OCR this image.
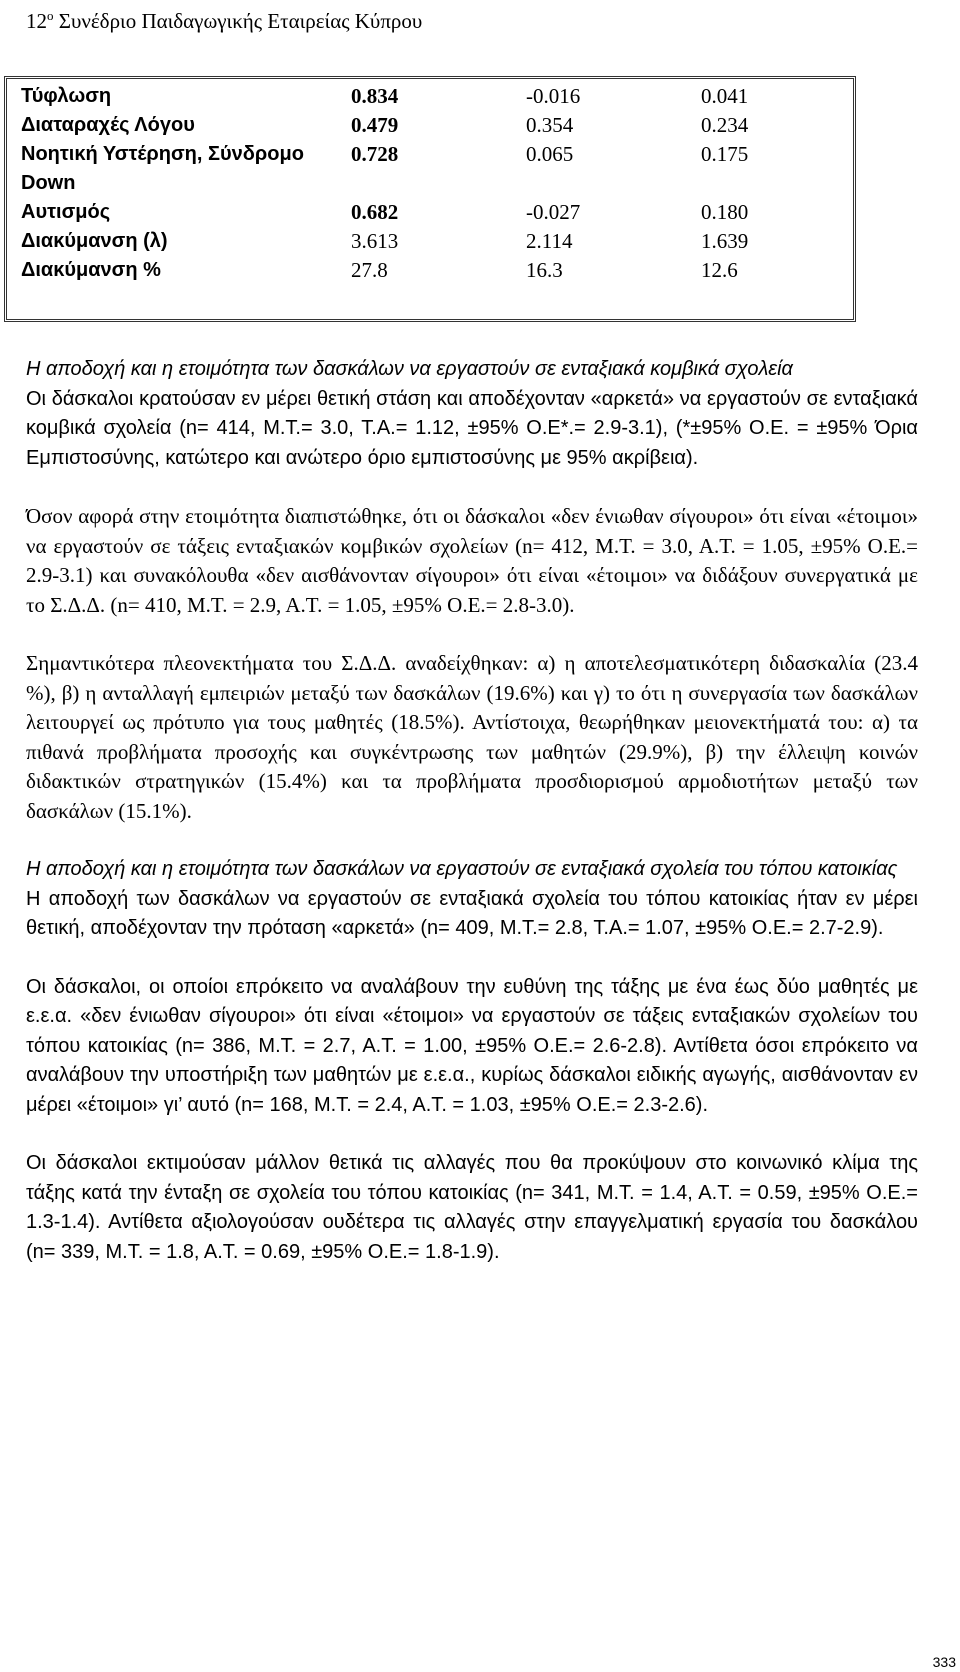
$12^o$ Συνέδριο Παιδαγωγικής Εταιρείας Κύπρου
Τύφλωση	0.834	-0.016	0.041
Διαταραχές Λόγου	0.479	0.354	0.234
Νοητική Υστέρηση, Σύνδρομο Down	0.728	0.065	0.175
Αυτισμός	0.682	-0.027	0.180
Διακύμανση (λ)	3.613	2.114	1.639
Διακύμανση %	27.8	16.3	12.6

Η αποδοχή και η ετοιμότητα των δασκάλων να εργαστούν σε ενταξιακά κομβικά σχολεία
Οι δάσκαλοι κρατούσαν εν μέρει θετική στάση και αποδέχονταν «αρκετά» να εργαστούν σε ενταξιακά κομβικά σχολεία (n= 414, Μ.Τ.= 3.0, Τ.Α.= 1.12, ±95% Ο.Ε*.= 2.9-3.1), (*±95% Ο.Ε. = ±95% Όρια Εμπιστοσύνης, κατώτερο και ανώτερο όριο εμπιστοσύνης με 95% ακρίβεια).

Όσον αφορά στην ετοιμότητα διαπιστώθηκε, ότι οι δάσκαλοι «δεν ένιωθαν σίγουροι» ότι είναι «έτοιμοι» να εργαστούν σε τάξεις ενταξιακών κομβικών σχολείων (n= 412, Μ.Τ. = 3.0, Α.Τ. = 1.05, ±95% Ο.Ε.= 2.9-3.1) και συνακόλουθα «δεν αισθάνονταν σίγουροι» ότι είναι «έτοιμοι» να διδάξουν συνεργατικά με το Σ.Δ.Δ. (n= 410, Μ.Τ. = 2.9, Α.Τ. = 1.05, ±95% Ο.Ε.= 2.8-3.0).

Σημαντικότερα πλεονεκτήματα του Σ.Δ.Δ. αναδείχθηκαν: α) η αποτελεσματικότερη διδασκαλία (23.4 %), β) η ανταλλαγή εμπειριών μεταξύ των δασκάλων (19.6%) και γ) το ότι η συνεργασία των δασκάλων λειτουργεί ως πρότυπο για τους μαθητές (18.5%). Αντίστοιχα, θεωρήθηκαν μειονεκτήματά του: α) τα πιθανά προβλήματα προσοχής και συγκέντρωσης των μαθητών (29.9%), β) την έλλειψη κοινών διδακτικών στρατηγικών (15.4%) και τα προβλήματα προσδιορισμού αρμοδιοτήτων μεταξύ των δασκάλων (15.1%).

Η αποδοχή και η ετοιμότητα των δασκάλων να εργαστούν σε ενταξιακά σχολεία του τόπου κατοικίας
Η αποδοχή των δασκάλων να εργαστούν σε ενταξιακά σχολεία του τόπου κατοικίας ήταν εν μέρει θετική, αποδέχονταν την πρόταση «αρκετά» (n= 409, Μ.Τ.= 2.8, Τ.Α.= 1.07, ±95% Ο.Ε.= 2.7-2.9).

Οι δάσκαλοι, οι οποίοι επρόκειτο να αναλάβουν την ευθύνη της τάξης με ένα έως δύο μαθητές με ε.ε.α. «δεν ένιωθαν σίγουροι» ότι είναι «έτοιμοι» να εργαστούν σε τάξεις ενταξιακών σχολείων του τόπου κατοικίας (n= 386, Μ.Τ. = 2.7, Α.Τ. = 1.00, ±95% Ο.Ε.= 2.6-2.8). Αντίθετα όσοι επρόκειτο να αναλάβουν την υποστήριξη των μαθητών με ε.ε.α., κυρίως δάσκαλοι ειδικής αγωγής, αισθάνονταν εν μέρει «έτοιμοι» γι’ αυτό (n= 168, Μ.Τ. = 2.4, Α.Τ. = 1.03, ±95% Ο.Ε.= 2.3-2.6).

Οι δάσκαλοι εκτιμούσαν μάλλον θετικά τις αλλαγές που θα προκύψουν στο κοινωνικό κλίμα της τάξης κατά την ένταξη σε σχολεία του τόπου κατοικίας (n= 341, Μ.Τ. = 1.4, Α.Τ. = 0.59, ±95% Ο.Ε.= 1.3-1.4). Αντίθετα αξιολογούσαν ουδέτερα τις αλλαγές στην επαγγελματική εργασία του δασκάλου (n= 339, Μ.Τ. = 1.8, Α.Τ. = 0.69, ±95% Ο.Ε.= 1.8-1.9).

333
